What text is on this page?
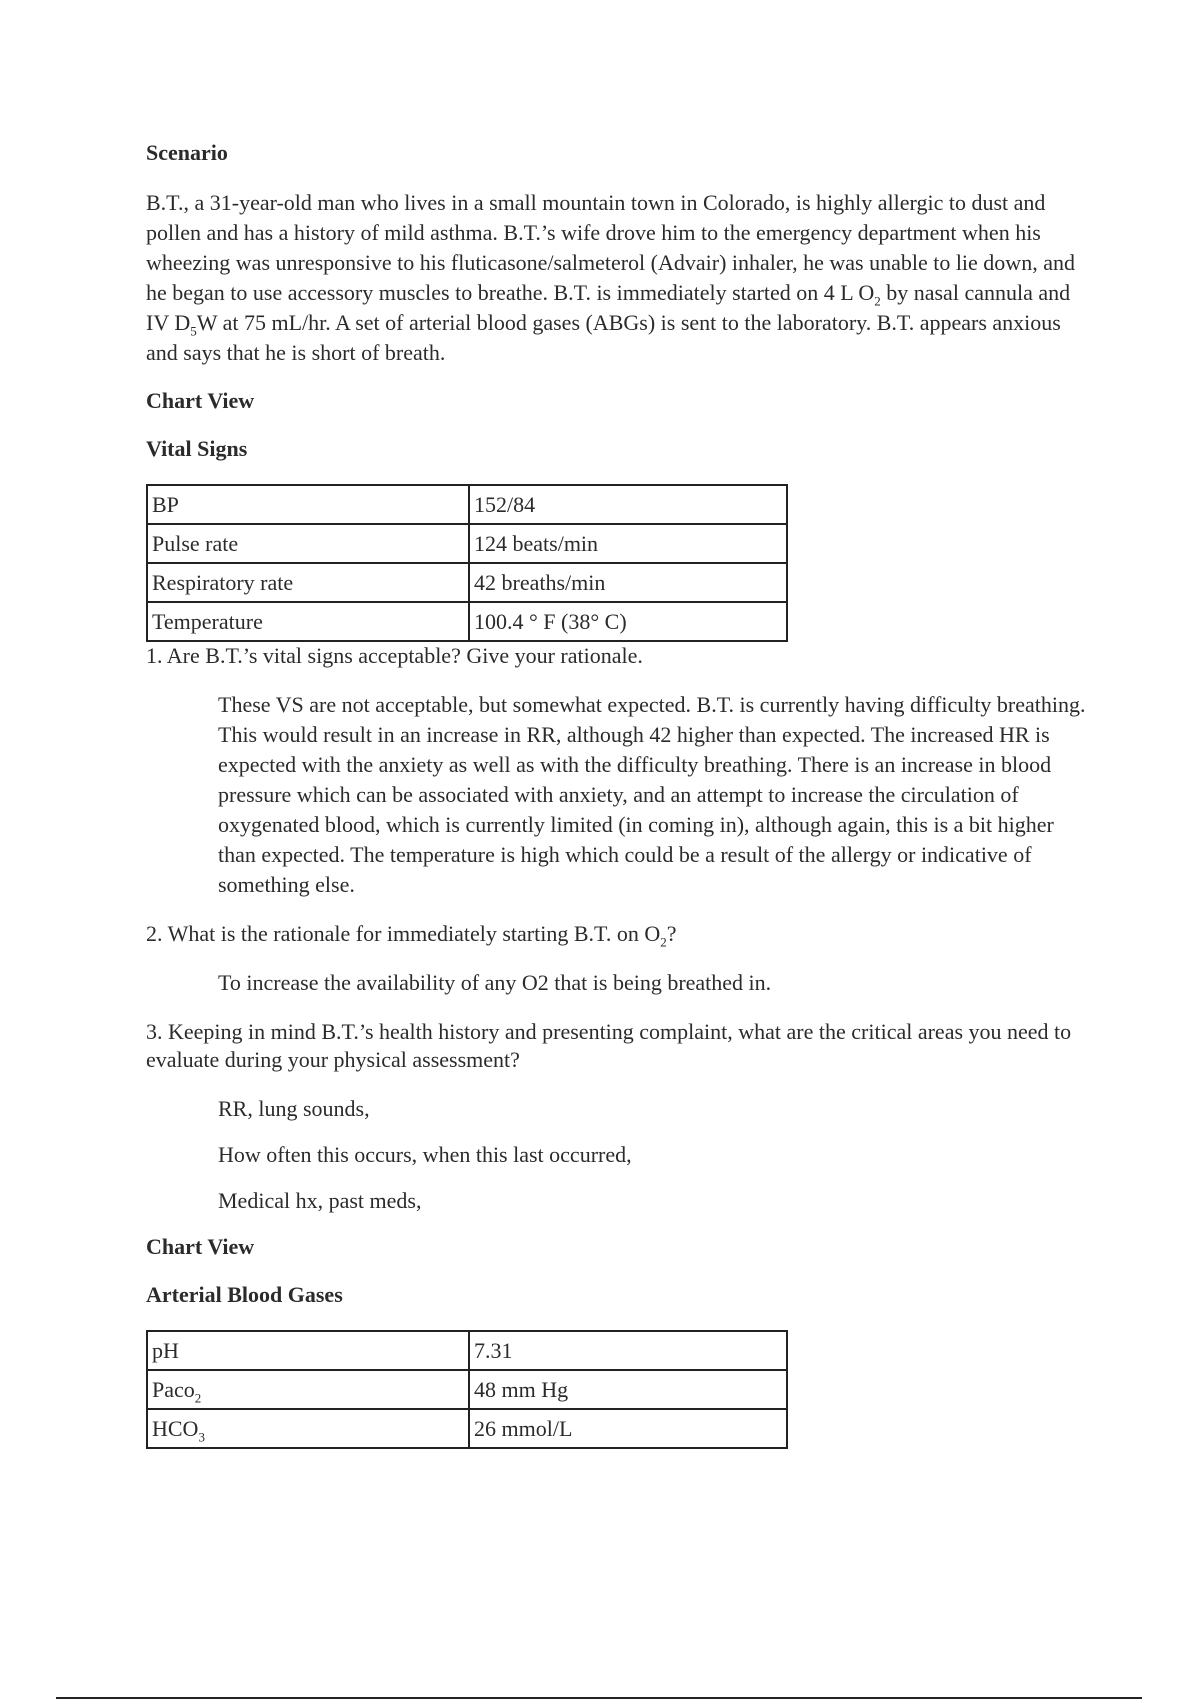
Scenario

B.T., a 31-year-old man who lives in a small mountain town in Colorado, is highly allergic to dust and pollen and has a history of mild asthma. B.T.’s wife drove him to the emergency department when his wheezing was unresponsive to his fluticasone/salmeterol (Advair) inhaler, he was unable to lie down, and he began to use accessory muscles to breathe. B.T. is immediately started on 4 L $O_2$ by nasal cannula and IV $D_5W$ at 75 mL/hr. A set of arterial blood gases (ABGs) is sent to the laboratory. B.T. appears anxious and says that he is short of breath.

Chart View
Vital Signs
BP	152/84
Pulse rate	124 beats/min
Respiratory rate	42 breaths/min
Temperature	100.4 ° F (38° C)

1. Are B.T.’s vital signs acceptable? Give your rationale.

These VS are not acceptable, but somewhat expected. B.T. is currently having difficulty breathing. This would result in an increase in RR, although 42 higher than expected. The increased HR is expected with the anxiety as well as with the difficulty breathing. There is an increase in blood pressure which can be associated with anxiety, and an attempt to increase the circulation of oxygenated blood, which is currently limited (in coming in), although again, this is a bit higher than expected. The temperature is high which could be a result of the allergy or indicative of something else.

2. What is the rationale for immediately starting B.T. on $O_2$?

To increase the availability of any O2 that is being breathed in.

3. Keeping in mind B.T.’s health history and presenting complaint, what are the critical areas you need to evaluate during your physical assessment?

RR, lung sounds,

How often this occurs, when this last occurred,

Medical hx, past meds,

Chart View
Arterial Blood Gases
pH	7.31
Paco$_2$	48 mm Hg
$HCO_3$	26 mmol/L
